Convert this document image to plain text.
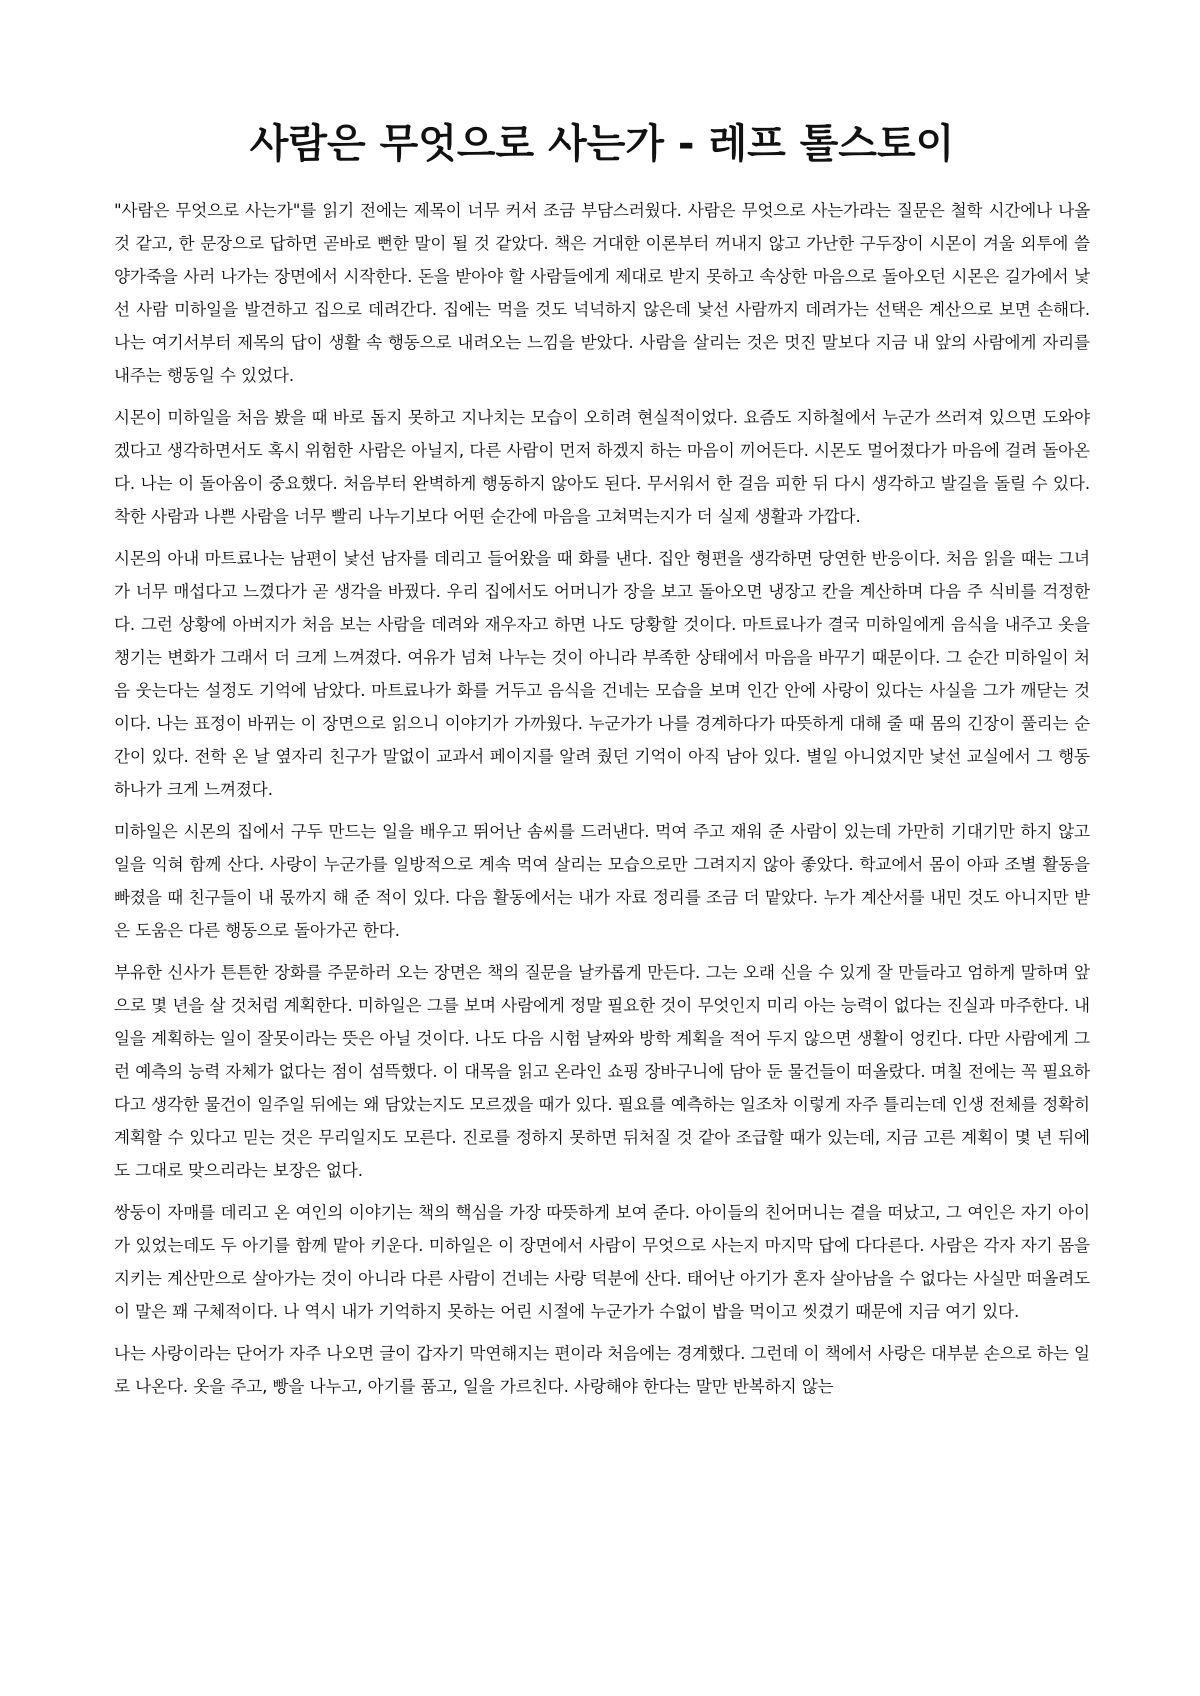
사람은 무엇으로 사는가 - 레프 톨스토이

"사람은 무엇으로 사는가"를 읽기 전에는 제목이 너무 커서 조금 부담스러웠다. 사람은 무엇으로 사는가라는 질문은 철학 시간에나 나올 것 같고, 한 문장으로 답하면 곧바로 뻔한 말이 될 것 같았다. 책은 거대한 이론부터 꺼내지 않고 가난한 구두장이 시몬이 겨울 외투에 쓸 양가죽을 사러 나가는 장면에서 시작한다. 돈을 받아야 할 사람들에게 제대로 받지 못하고 속상한 마음으로 돌아오던 시몬은 길가에서 낯선 사람 미하일을 발견하고 집으로 데려간다. 집에는 먹을 것도 넉넉하지 않은데 낯선 사람까지 데려가는 선택은 계산으로 보면 손해다. 나는 여기서부터 제목의 답이 생활 속 행동으로 내려오는 느낌을 받았다. 사람을 살리는 것은 멋진 말보다 지금 내 앞의 사람에게 자리를 내주는 행동일 수 있었다.

시몬이 미하일을 처음 봤을 때 바로 돕지 못하고 지나치는 모습이 오히려 현실적이었다. 요즘도 지하철에서 누군가 쓰러져 있으면 도와야겠다고 생각하면서도 혹시 위험한 사람은 아닐지, 다른 사람이 먼저 하겠지 하는 마음이 끼어든다. 시몬도 멀어졌다가 마음에 걸려 돌아온다. 나는 이 돌아옴이 중요했다. 처음부터 완벽하게 행동하지 않아도 된다. 무서워서 한 걸음 피한 뒤 다시 생각하고 발길을 돌릴 수 있다. 착한 사람과 나쁜 사람을 너무 빨리 나누기보다 어떤 순간에 마음을 고쳐먹는지가 더 실제 생활과 가깝다.

시몬의 아내 마트료나는 남편이 낯선 남자를 데리고 들어왔을 때 화를 낸다. 집안 형편을 생각하면 당연한 반응이다. 처음 읽을 때는 그녀가 너무 매섭다고 느꼈다가 곧 생각을 바꿨다. 우리 집에서도 어머니가 장을 보고 돌아오면 냉장고 칸을 계산하며 다음 주 식비를 걱정한다. 그런 상황에 아버지가 처음 보는 사람을 데려와 재우자고 하면 나도 당황할 것이다. 마트료나가 결국 미하일에게 음식을 내주고 옷을 챙기는 변화가 그래서 더 크게 느껴졌다. 여유가 넘쳐 나누는 것이 아니라 부족한 상태에서 마음을 바꾸기 때문이다. 그 순간 미하일이 처음 웃는다는 설정도 기억에 남았다. 마트료나가 화를 거두고 음식을 건네는 모습을 보며 인간 안에 사랑이 있다는 사실을 그가 깨닫는 것이다. 나는 표정이 바뀌는 이 장면으로 읽으니 이야기가 가까웠다. 누군가가 나를 경계하다가 따뜻하게 대해 줄 때 몸의 긴장이 풀리는 순간이 있다. 전학 온 날 옆자리 친구가 말없이 교과서 페이지를 알려 줬던 기억이 아직 남아 있다. 별일 아니었지만 낯선 교실에서 그 행동 하나가 크게 느껴졌다.

미하일은 시몬의 집에서 구두 만드는 일을 배우고 뛰어난 솜씨를 드러낸다. 먹여 주고 재워 준 사람이 있는데 가만히 기대기만 하지 않고 일을 익혀 함께 산다. 사랑이 누군가를 일방적으로 계속 먹여 살리는 모습으로만 그려지지 않아 좋았다. 학교에서 몸이 아파 조별 활동을 빠졌을 때 친구들이 내 몫까지 해 준 적이 있다. 다음 활동에서는 내가 자료 정리를 조금 더 맡았다. 누가 계산서를 내민 것도 아니지만 받은 도움은 다른 행동으로 돌아가곤 한다.

부유한 신사가 튼튼한 장화를 주문하러 오는 장면은 책의 질문을 날카롭게 만든다. 그는 오래 신을 수 있게 잘 만들라고 엄하게 말하며 앞으로 몇 년을 살 것처럼 계획한다. 미하일은 그를 보며 사람에게 정말 필요한 것이 무엇인지 미리 아는 능력이 없다는 진실과 마주한다. 내일을 계획하는 일이 잘못이라는 뜻은 아닐 것이다. 나도 다음 시험 날짜와 방학 계획을 적어 두지 않으면 생활이 엉킨다. 다만 사람에게 그런 예측의 능력 자체가 없다는 점이 섬뜩했다. 이 대목을 읽고 온라인 쇼핑 장바구니에 담아 둔 물건들이 떠올랐다. 며칠 전에는 꼭 필요하다고 생각한 물건이 일주일 뒤에는 왜 담았는지도 모르겠을 때가 있다. 필요를 예측하는 일조차 이렇게 자주 틀리는데 인생 전체를 정확히 계획할 수 있다고 믿는 것은 무리일지도 모른다. 진로를 정하지 못하면 뒤처질 것 같아 조급할 때가 있는데, 지금 고른 계획이 몇 년 뒤에도 그대로 맞으리라는 보장은 없다.

쌍둥이 자매를 데리고 온 여인의 이야기는 책의 핵심을 가장 따뜻하게 보여 준다. 아이들의 친어머니는 곁을 떠났고, 그 여인은 자기 아이가 있었는데도 두 아기를 함께 맡아 키운다. 미하일은 이 장면에서 사람이 무엇으로 사는지 마지막 답에 다다른다. 사람은 각자 자기 몸을 지키는 계산만으로 살아가는 것이 아니라 다른 사람이 건네는 사랑 덕분에 산다. 태어난 아기가 혼자 살아남을 수 없다는 사실만 떠올려도 이 말은 꽤 구체적이다. 나 역시 내가 기억하지 못하는 어린 시절에 누군가가 수없이 밥을 먹이고 씻겼기 때문에 지금 여기 있다.

나는 사랑이라는 단어가 자주 나오면 글이 갑자기 막연해지는 편이라 처음에는 경계했다. 그런데 이 책에서 사랑은 대부분 손으로 하는 일로 나온다. 옷을 주고, 빵을 나누고, 아기를 품고, 일을 가르친다. 사랑해야 한다는 말만 반복하지 않는
